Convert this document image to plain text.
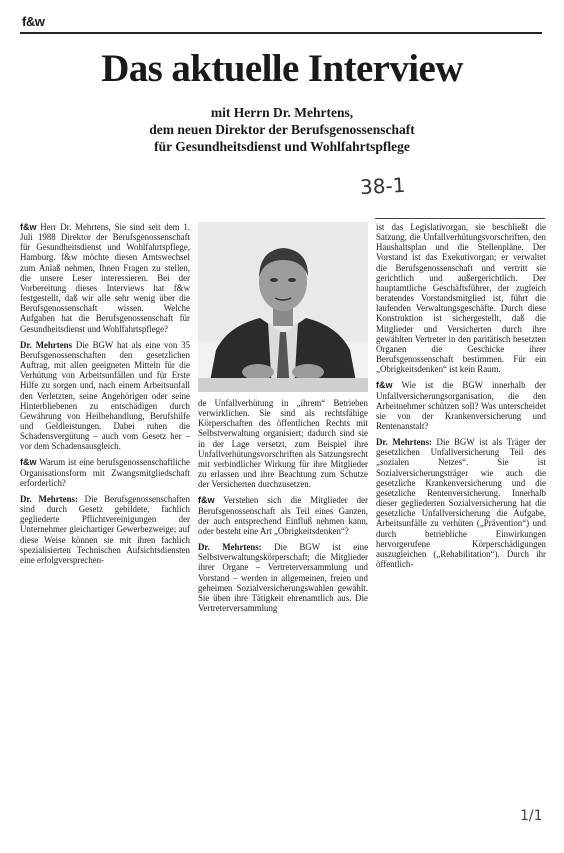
f&w
Das aktuelle Interview
mit Herrn Dr. Mehrtens,
dem neuen Direktor der Berufsgenossenschaft
für Gesundheitsdienst und Wohlfahrtspflege
38-1

f&w Herr Dr. Mehrtens, Sie sind seit dem 1. Juli 1988 Direktor der Berufsgenossenschaft für Gesundheitsdienst und Wohlfahrtspflege, Hamburg. f&w möchte diesen Amtswechsel zum Anlaß nehmen, Ihnen Fragen zu stellen, die unsere Leser interessieren. Bei der Vorbereitung dieses Interviews hat f&w festgestellt, daß wir alle sehr wenig über die Berufsgenossenschaft wissen. Welche Aufgaben hat die Berufsgenossenschaft für Gesundheitsdienst und Wohlfahrtspflege?

Dr. Mehrtens Die BGW hat als eine von 35 Berufsgenossenschaften den gesetzlichen Auftrag, mit allen geeigneten Mitteln für die Verhütung von Arbeitsunfällen und für Erste Hilfe zu sorgen und, nach einem Arbeitsunfall den Verletzten, seine Angehörigen oder seine Hinterbliebenen zu entschädigen durch Gewährung von Heilbehandlung, Berufshilfe und Geldleistungen. Dabei ruhen die Schadensvergütung – auch vom Gesetz her – vor dem Schadensausgleich.

f&w Warum ist eine berufsgenossenschaftliche Organisationsform mit Zwangsmitgliedschaft erforderlich?

Dr. Mehrtens: Die Berufsgenossenschaften sind durch Gesetz gebildete, fachlich gegliederte Pflichtvereinigungen der Unternehmer gleichartiger Gewerbezweige; auf diese Weise können sie mit ihren fachlich spezialisierten Technischen Aufsichtsdiensten eine erfolgversprechen-

de Unfallverhütung in „ihrem“ Betrieben verwirklichen. Sie sind als rechtsfähige Körperschaften des öffentlichen Rechts mit Selbstverwaltung organisiert; dadurch sind sie in der Lage versetzt, zum Beispiel ihre Unfallverhütungsvorschriften als Satzungsrecht mit verbindlicher Wirkung für ihre Mitglieder zu erlassen und ihre Beachtung zum Schutze der Versicherten durchzusetzen.

f&w Verstehen sich die Mitglieder der Berufsgenossenschaft als Teil eines Ganzen, der auch entsprechend Einfluß nehmen kann, oder besteht eine Art „Obrigkeitsdenken“?

Dr. Mehrtens: Die BGW ist eine Selbstverwaltungskörperschaft; die Mitglieder ihrer Organe – Vertreterversammlung und Vorstand – werden in allgemeinen, freien und geheimen Sozialversicherungswahlen gewählt. Sie üben ihre Tätigkeit ehrenamtlich aus. Die Vertreterversammlung

ist das Legislativorgan, sie beschließt die Satzung, die Unfallverhütungsvorschriften, den Haushaltsplan und die Stellenpläne. Der Vorstand ist das Exekutivorgan; er verwaltet die Berufsgenossenschaft und vertritt sie gerichtlich und außergerichtlich. Der hauptamtliche Geschäftsführer, der zugleich beratendes Vorstandsmitglied ist, führt die laufenden Verwaltungsgeschäfte. Durch diese Konstruktion ist sichergestellt, daß die Mitglieder und Versicherten durch ihre gewählten Vertreter in den paritätisch besetzten Organen die Geschicke ihrer Berufsgenossenschaft bestimmen. Für ein „Obrigkeitsdenken“ ist kein Raum.

f&w Wie ist die BGW innerhalb der Unfallversicherungsorganisation, die den Arbeitnehmer schützen soll? Was unterscheidet sie von der Krankenversicherung und Rentenanstalt?

Dr. Mehrtens: Die BGW ist als Träger der gesetzlichen Unfallversicherung Teil des „sozialen Netzes“. Sie ist Sozialversicherungsträger wie auch die gesetzliche Krankenversicherung und die gesetzliche Rentenversicherung. Innerhalb dieser gegliederten Sozialversicherung hat die gesetzliche Unfallversicherung die Aufgabe, Arbeitsunfälle zu verhüten („Prävention“) und durch betriebliche Einwirkungen hervorgerufene Körperschädigungen auszugleichen („Rehabilitation“). Durch ihr öffentlich-

1/1
